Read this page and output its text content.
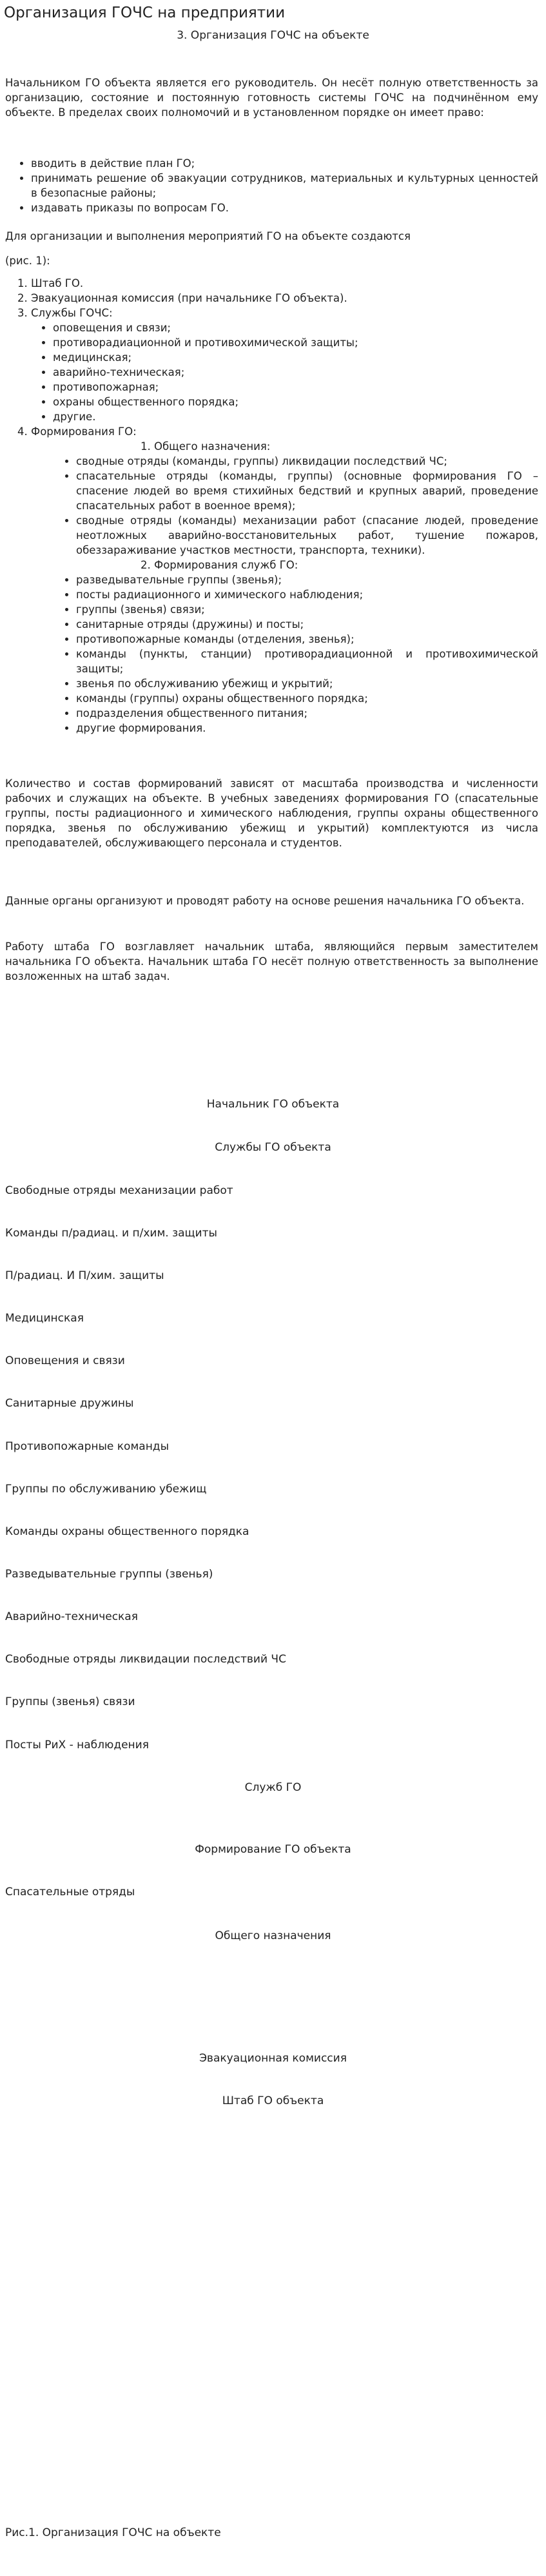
Организация ГОЧС на предприятии
3. Организация ГОЧС на объекте

Начальником ГО объекта является его руководитель. Он несёт полную ответственность за организацию, состояние и постоянную готовность системы ГОЧС на подчинённом ему объекте. В пределах своих полномочий и в установленном порядке он имеет право:

• вводить в действие план ГО;
• принимать решение об эвакуации сотрудников, материальных и культурных ценностей в безопасные районы;
• издавать приказы по вопросам ГО.

Для организации и выполнения мероприятий ГО на объекте создаются

(рис. 1):

1. Штаб ГО.
2. Эвакуационная комиссия (при начальнике ГО объекта).
3. Службы ГОЧС:
• оповещения и связи;
• противорадиационной и противохимической защиты;
• медицинская;
• аварийно-техническая;
• противопожарная;
• охраны общественного порядка;
• другие.
4. Формирования ГО:
1. Общего назначения:
• сводные отряды (команды, группы) ликвидации последствий ЧС;
• спасательные отряды (команды, группы) (основные формирования ГО – спасение людей во время стихийных бедствий и крупных аварий, проведение спасательных работ в военное время);
• сводные отряды (команды) механизации работ (спасание людей, проведение неотложных аварийно-восстановительных работ, тушение пожаров, обеззараживание участков местности, транспорта, техники).
2. Формирования служб ГО:
• разведывательные группы (звенья);
• посты радиационного и химического наблюдения;
• группы (звенья) связи;
• санитарные отряды (дружины) и посты;
• противопожарные команды (отделения, звенья);
• команды (пункты, станции) противорадиационной и противохимической защиты;
• звенья по обслуживанию убежищ и укрытий;
• команды (группы) охраны общественного порядка;
• подразделения общественного питания;
• другие формирования.

Количество и состав формирований зависят от масштаба производства и численности рабочих и служащих на объекте. В учебных заведениях формирования ГО (спасательные группы, посты радиационного и химического наблюдения, группы охраны общественного порядка, звенья по обслуживанию убежищ и укрытий) комплектуются из числа преподавателей, обслуживающего персонала и студентов.

Данные органы организуют и проводят работу на основе решения начальника ГО объекта.

Работу штаба ГО возглавляет начальник штаба, являющийся первым заместителем начальника ГО объекта. Начальник штаба ГО несёт полную ответственность за выполнение возложенных на штаб задач.

Начальник ГО объекта
Службы ГО объекта
Свободные отряды механизации работ
Команды п/радиац. и п/хим. защиты
П/радиац. И П/хим. защиты
Медицинская
Оповещения и связи
Санитарные дружины
Противопожарные команды
Группы по обслуживанию убежищ
Команды охраны общественного порядка
Разведывательные группы (звенья)
Аварийно-техническая
Свободные отряды ликвидации последствий ЧС
Группы (звенья) связи
Посты РиХ - наблюдения
Служб ГО
Формирование ГО объекта
Спасательные отряды
Общего назначения
Эвакуационная комиссия
Штаб ГО объекта
Рис.1. Организация ГОЧС на объекте
